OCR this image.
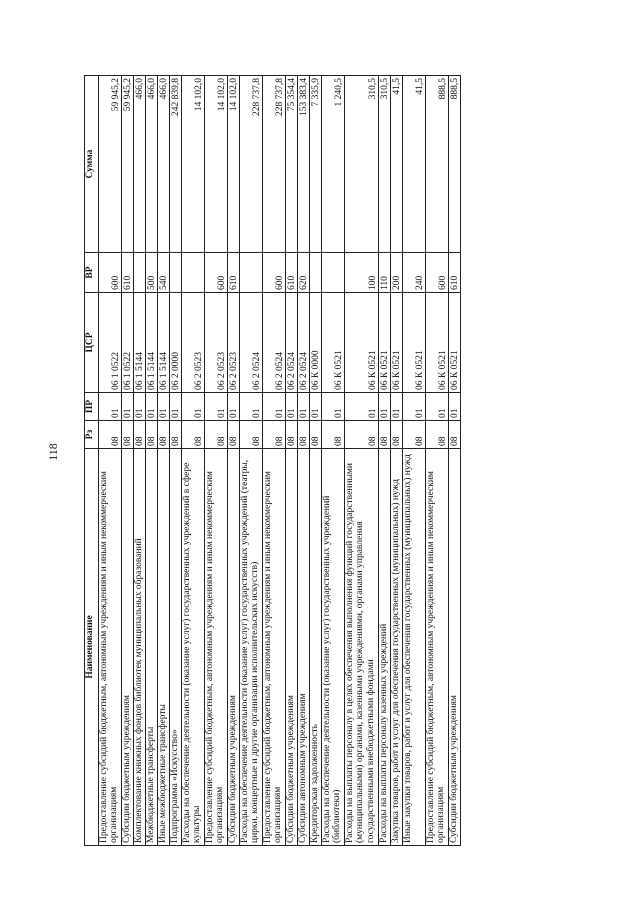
118
Наименование	Рз	ПР	ЦСР	ВР	Сумма
Предоставление субсидий бюджетным, автономным учреждениям и иным некоммерческим организациям	08	01	06 1 0522	600	59 945,2
Субсидии бюджетным учреждениям	08	01	06 1 0522	610	59 945,2
Комплектование книжных фондов библиотек муниципальных образований	08	01	06 1 5144		466,0
Межбюджетные трансферты	08	01	06 1 5144	500	466,0
Иные межбюджетные трансферты	08	01	06 1 5144	540	466,0
Подпрограмма «Искусство»	08	01	06 2 0000		242 839,8
Расходы на обеспечение деятельности (оказание услуг) государственных учреждений в сфере культуры	08	01	06 2 0523		14 102,0
Предоставление субсидий бюджетным, автономным учреждениям и иным некоммерческим организациям	08	01	06 2 0523	600	14 102,0
Субсидии бюджетным учреждениям	08	01	06 2 0523	610	14 102,0
Расходы на обеспечение деятельности (оказание услуг) государственных учреждений (театры, цирки, концертные и другие организации исполнительских искусств)	08	01	06 2 0524		228 737,8
Предоставление субсидий бюджетным, автономным учреждениям и иным некоммерческим организациям	08	01	06 2 0524	600	228 737,8
Субсидии бюджетным учреждениям	08	01	06 2 0524	610	75 354,4
Субсидии автономным учреждениям	08	01	06 2 0524	620	153 383,4
Кредиторская задолженность	08	01	06 К 0000		7 335,9
Расходы на обеспечение деятельности (оказание услуг) государственных учреждений (библиотеки)	08	01	06 К 0521		1 240,5
Расходы на выплаты персоналу в целях обеспечения выполнения функций государственными (муниципальными) органами, казенными учреждениями, органами управления государственными внебюджетными фондами	08	01	06 К 0521	100	310,5
Расходы на выплаты персоналу казенных учреждений	08	01	06 К 0521	110	310,5
Закупка товаров, работ и услуг для обеспечения государственных (муниципальных) нужд	08	01	06 К 0521	200	41,5
Иные закупки товаров, работ и услуг для обеспечения государственных (муниципальных) нужд	08	01	06 К 0521	240	41,5
Предоставление субсидий бюджетным, автономным учреждениям и иным некоммерческим организациям	08	01	06 К 0521	600	888,5
Субсидии бюджетным учреждениям	08	01	06 К 0521	610	888,5
